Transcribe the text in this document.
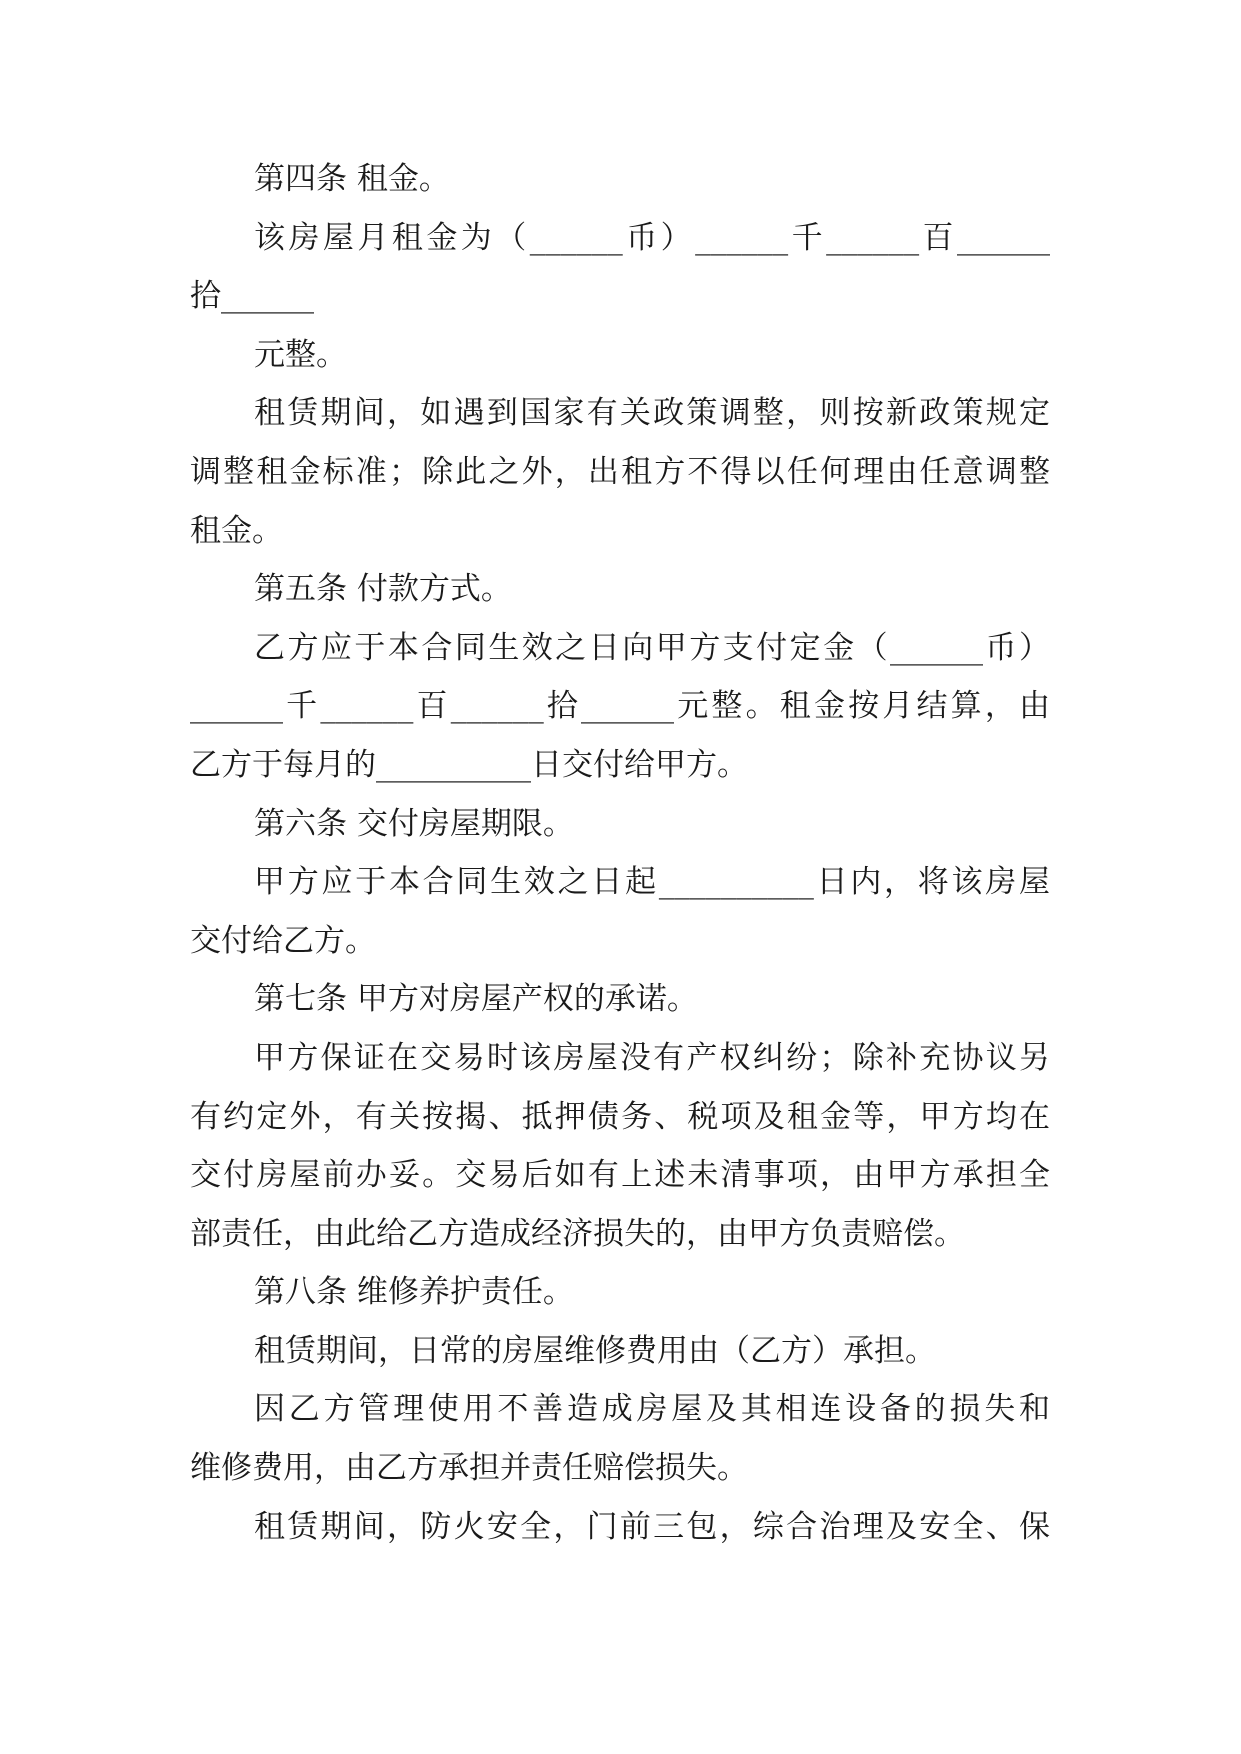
第四条 租金。
该房屋月租金为（______币）______千______百______
拾______
元整。
租赁期间，如遇到国家有关政策调整，则按新政策规定
调整租金标准；除此之外，出租方不得以任何理由任意调整
租金。
第五条 付款方式。
乙方应于本合同生效之日向甲方支付定金（______币）
______千______百______拾______元整。租金按月结算，由
乙方于每月的__________日交付给甲方。
第六条 交付房屋期限。
甲方应于本合同生效之日起__________日内，将该房屋
交付给乙方。
第七条 甲方对房屋产权的承诺。
甲方保证在交易时该房屋没有产权纠纷；除补充协议另
有约定外，有关按揭、抵押债务、税项及租金等，甲方均在
交付房屋前办妥。交易后如有上述未清事项，由甲方承担全
部责任，由此给乙方造成经济损失的，由甲方负责赔偿。
第八条 维修养护责任。
租赁期间，日常的房屋维修费用由（乙方）承担。
因乙方管理使用不善造成房屋及其相连设备的损失和
维修费用，由乙方承担并责任赔偿损失。
租赁期间，防火安全，门前三包，综合治理及安全、保
